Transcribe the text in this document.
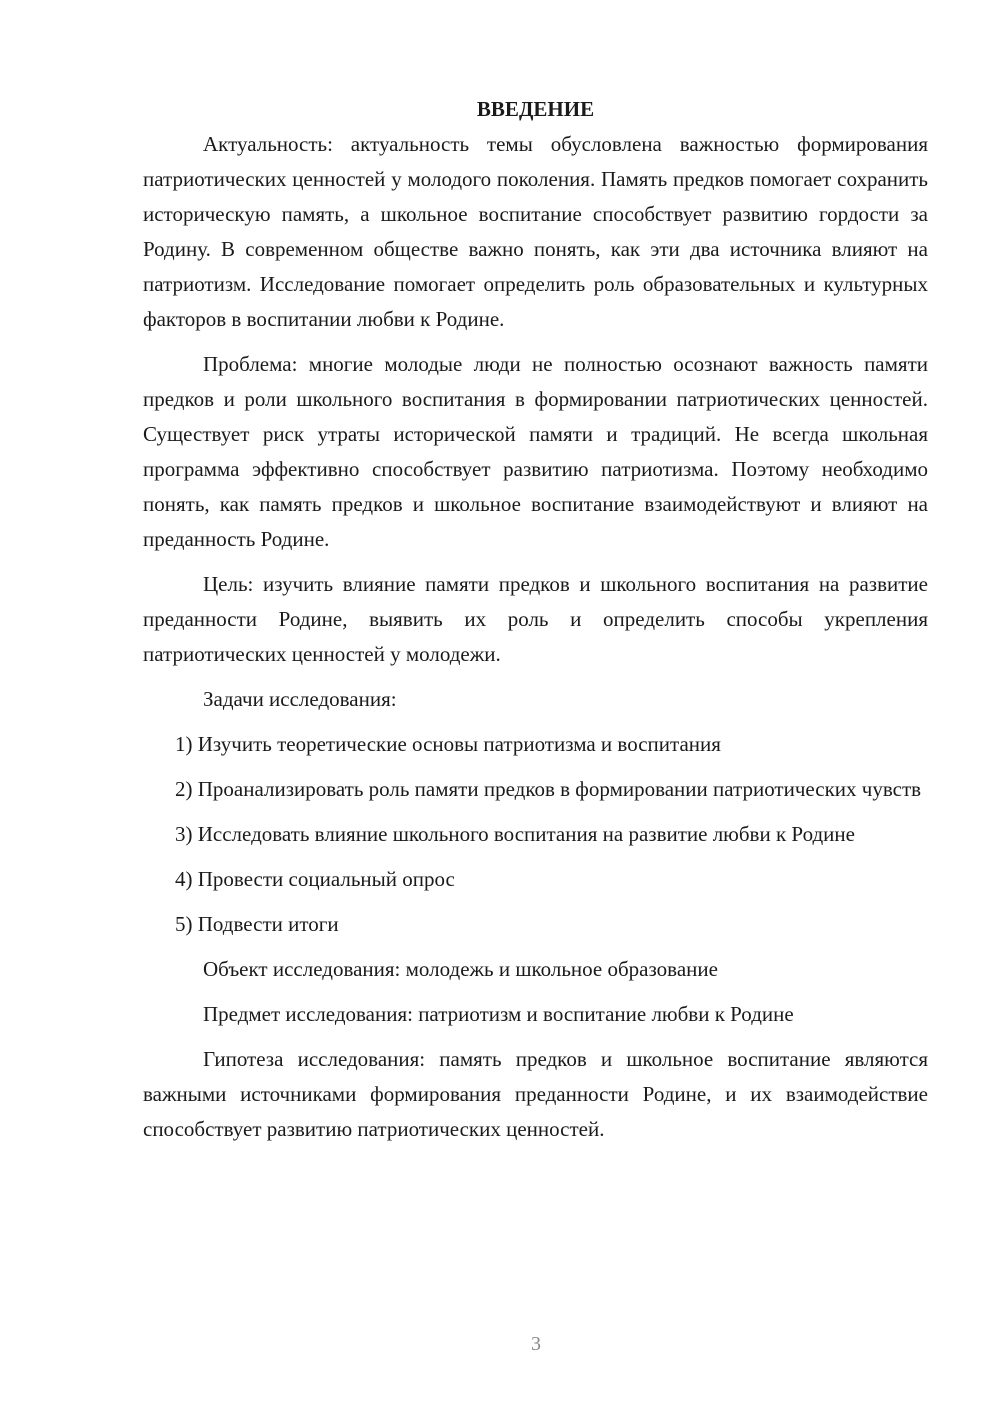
ВВЕДЕНИЕ

Актуальность: актуальность темы обусловлена важностью формирования патриотических ценностей у молодого поколения. Память предков помогает сохранить историческую память, а школьное воспитание способствует развитию гордости за Родину. В современном обществе важно понять, как эти два источника влияют на патриотизм. Исследование помогает определить роль образовательных и культурных факторов в воспитании любви к Родине.

Проблема: многие молодые люди не полностью осознают важность памяти предков и роли школьного воспитания в формировании патриотических ценностей. Существует риск утраты исторической памяти и традиций. Не всегда школьная программа эффективно способствует развитию патриотизма. Поэтому необходимо понять, как память предков и школьное воспитание взаимодействуют и влияют на преданность Родине.

Цель: изучить влияние памяти предков и школьного воспитания на развитие преданности Родине, выявить их роль и определить способы укрепления патриотических ценностей у молодежи.

Задачи исследования:

1) Изучить теоретические основы патриотизма и воспитания

2) Проанализировать роль памяти предков в формировании патриотических чувств

3) Исследовать влияние школьного воспитания на развитие любви к Родине

4) Провести социальный опрос

5) Подвести итоги

Объект исследования: молодежь и школьное образование

Предмет исследования: патриотизм и воспитание любви к Родине

Гипотеза исследования: память предков и школьное воспитание являются важными источниками формирования преданности Родине, и их взаимодействие способствует развитию патриотических ценностей.

3
